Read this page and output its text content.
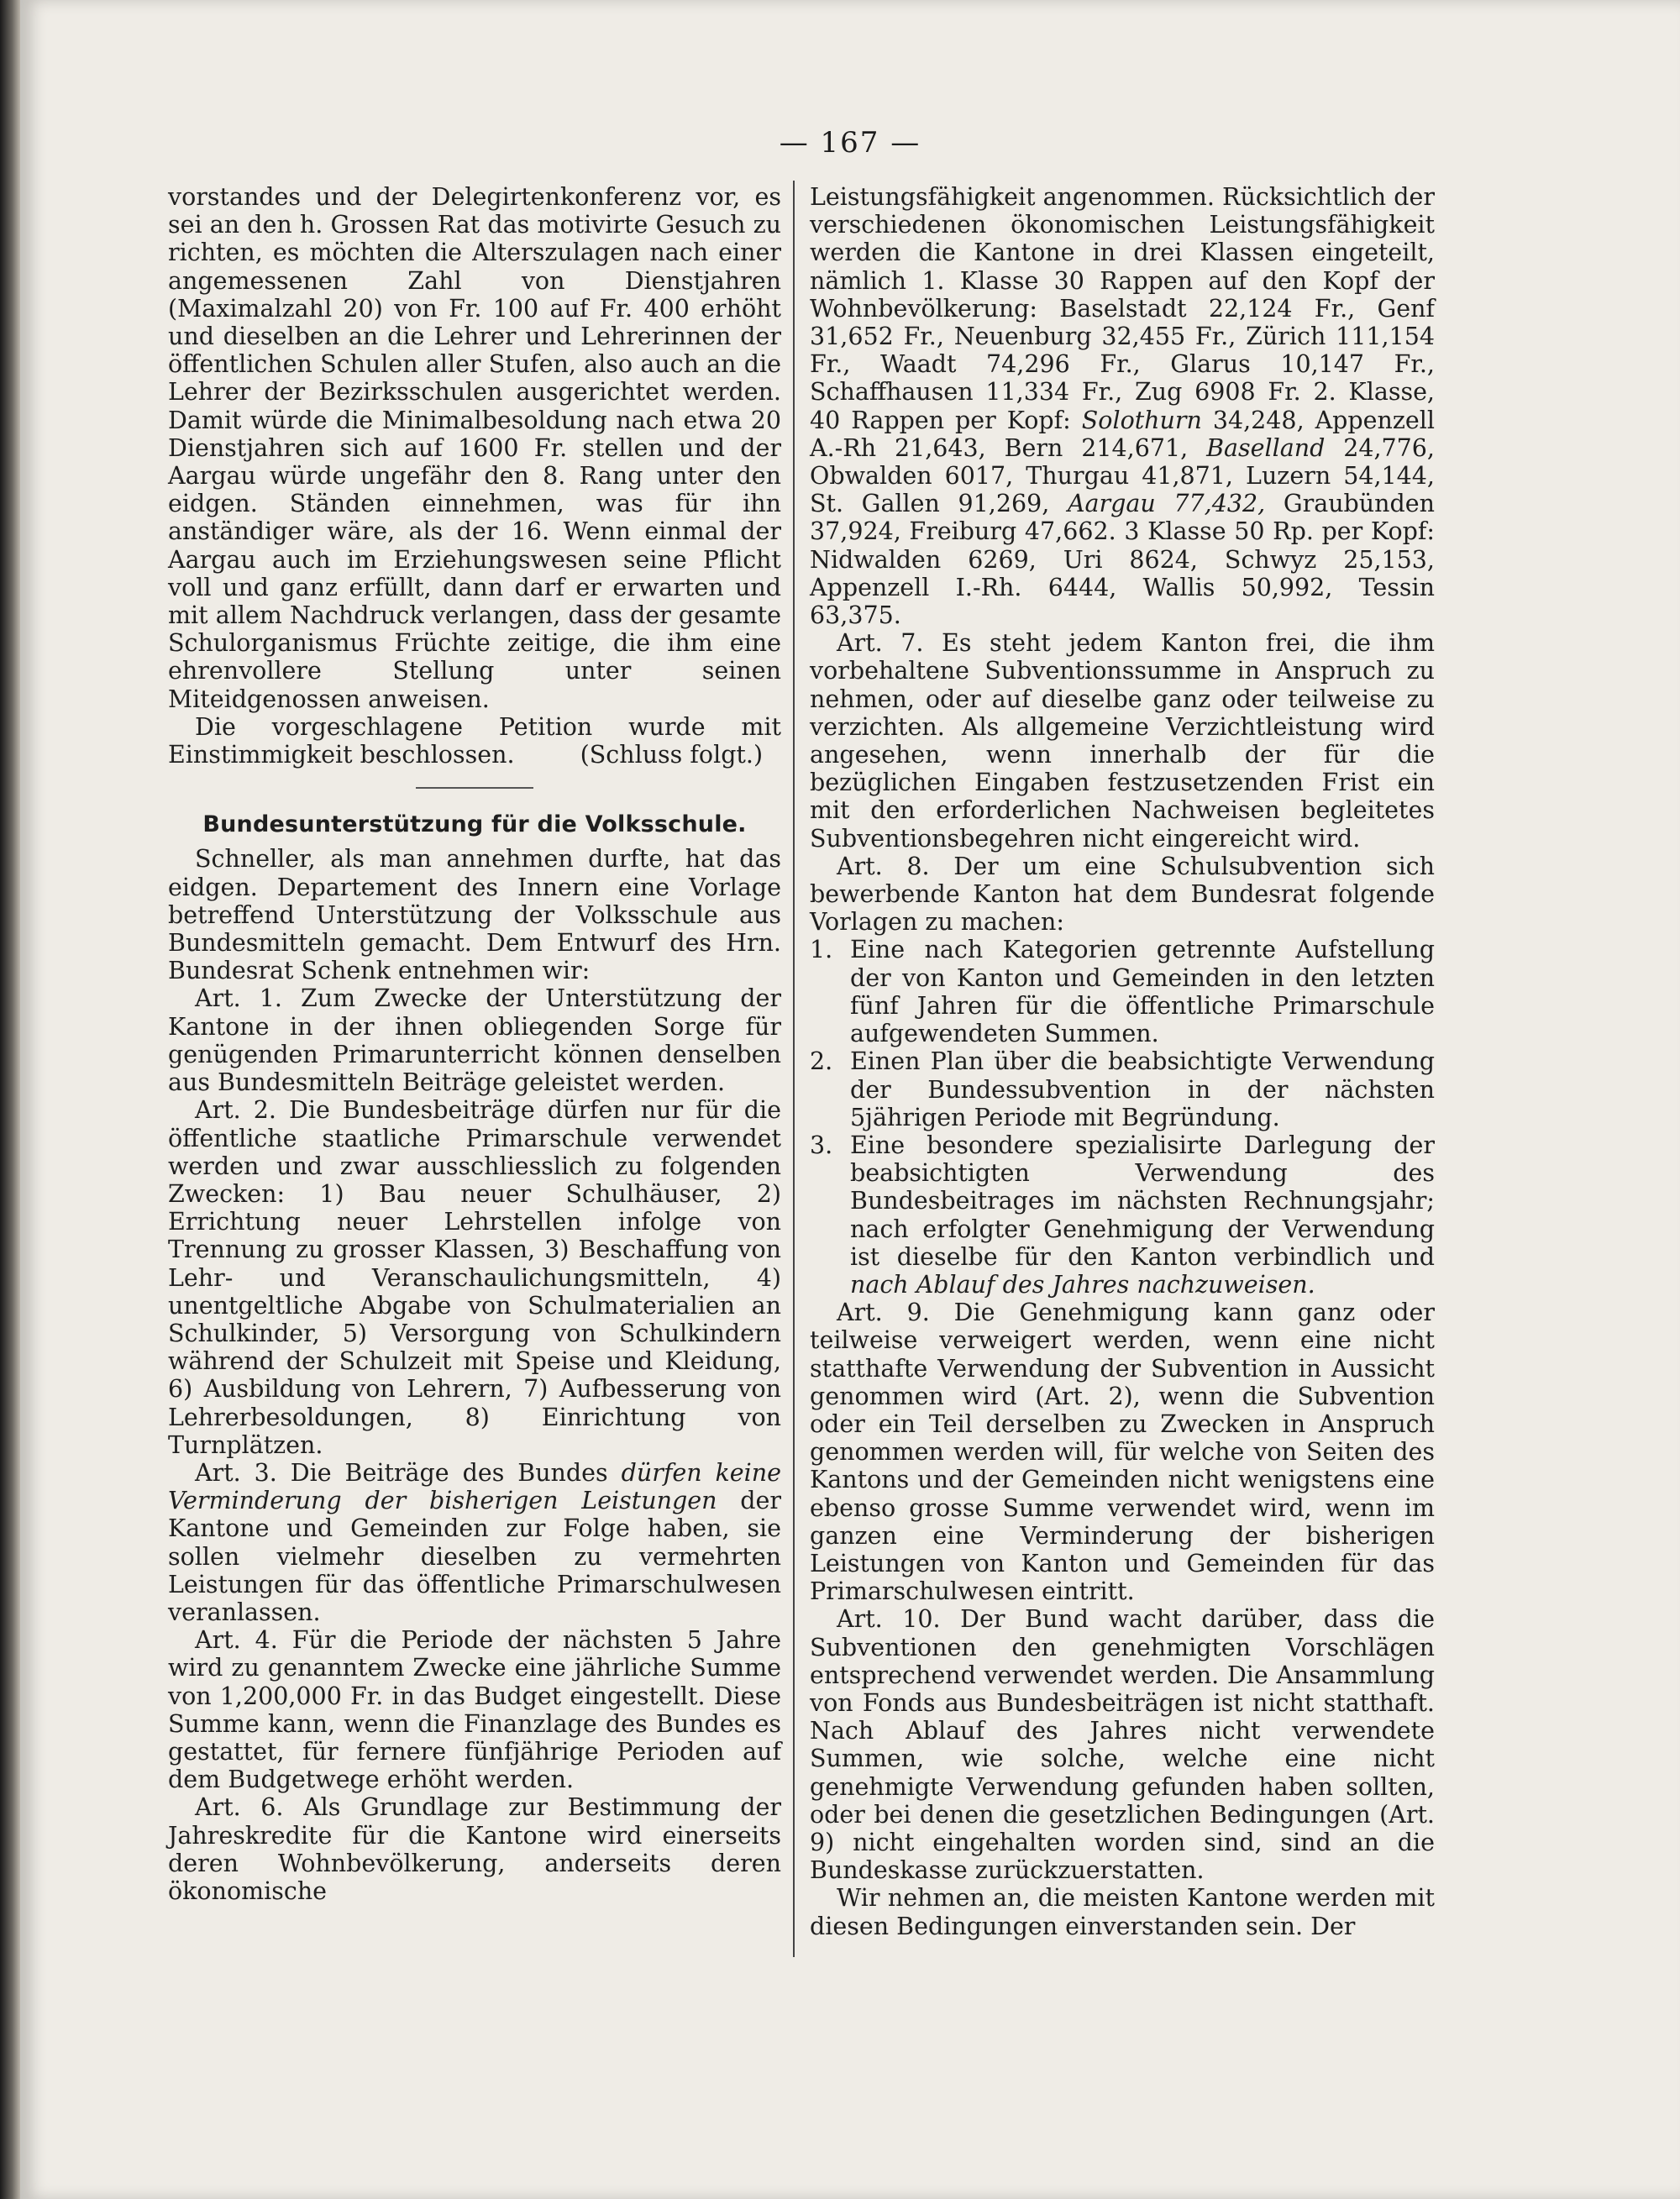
— 167 —

vorstandes und der Delegirtenkonferenz vor, es sei an den h. Grossen Rat das motivirte Gesuch zu richten, es möchten die Alterszulagen nach einer angemessenen Zahl von Dienstjahren (Maximalzahl 20) von Fr. 100 auf Fr. 400 erhöht und dieselben an die Lehrer und Lehrerinnen der öffentlichen Schulen aller Stufen, also auch an die Lehrer der Bezirksschulen ausgerichtet werden. Damit würde die Minimalbesoldung nach etwa 20 Dienstjahren sich auf 1600 Fr. stellen und der Aargau würde ungefähr den 8. Rang unter den eidgen. Ständen einnehmen, was für ihn anständiger wäre, als der 16. Wenn einmal der Aargau auch im Erziehungswesen seine Pflicht voll und ganz erfüllt, dann darf er erwarten und mit allem Nachdruck verlangen, dass der gesamte Schulorganismus Früchte zeitige, die ihm eine ehrenvollere Stellung unter seinen Miteidgenossen anweisen.

Die vorgeschlagene Petition wurde mit Einstimmigkeit beschlossen.	(Schluss folgt.)

Bundesunterstützung für die Volksschule.

Schneller, als man annehmen durfte, hat das eidgen. Departement des Innern eine Vorlage betreffend Unterstützung der Volksschule aus Bundesmitteln gemacht. Dem Entwurf des Hrn. Bundesrat Schenk entnehmen wir:

Art. 1. Zum Zwecke der Unterstützung der Kantone in der ihnen obliegenden Sorge für genügenden Primarunterricht können denselben aus Bundesmitteln Beiträge geleistet werden.

Art. 2. Die Bundesbeiträge dürfen nur für die öffentliche staatliche Primarschule verwendet werden und zwar ausschliesslich zu folgenden Zwecken: 1) Bau neuer Schulhäuser, 2) Errichtung neuer Lehrstellen infolge von Trennung zu grosser Klassen, 3) Beschaffung von Lehr- und Veranschaulichungsmitteln, 4) unentgeltliche Abgabe von Schulmaterialien an Schulkinder, 5) Versorgung von Schulkindern während der Schulzeit mit Speise und Kleidung, 6) Ausbildung von Lehrern, 7) Aufbesserung von Lehrerbesoldungen, 8) Einrichtung von Turnplätzen.

Art. 3. Die Beiträge des Bundes dürfen keine Verminderung der bisherigen Leistungen der Kantone und Gemeinden zur Folge haben, sie sollen vielmehr dieselben zu vermehrten Leistungen für das öffentliche Primarschulwesen veranlassen.

Art. 4. Für die Periode der nächsten 5 Jahre wird zu genanntem Zwecke eine jährliche Summe von 1,200,000 Fr. in das Budget eingestellt. Diese Summe kann, wenn die Finanzlage des Bundes es gestattet, für fernere fünfjährige Perioden auf dem Budgetwege erhöht werden.

Art. 6. Als Grundlage zur Bestimmung der Jahreskredite für die Kantone wird einerseits deren Wohnbevölkerung, anderseits deren ökonomische

Leistungsfähigkeit angenommen. Rücksichtlich der verschiedenen ökonomischen Leistungsfähigkeit werden die Kantone in drei Klassen eingeteilt, nämlich 1. Klasse 30 Rappen auf den Kopf der Wohnbevölkerung: Baselstadt 22,124 Fr., Genf 31,652 Fr., Neuenburg 32,455 Fr., Zürich 111,154 Fr., Waadt 74,296 Fr., Glarus 10,147 Fr., Schaffhausen 11,334 Fr., Zug 6908 Fr. 2. Klasse, 40 Rappen per Kopf: Solothurn 34,248, Appenzell A.-Rh 21,643, Bern 214,671, Baselland 24,776, Obwalden 6017, Thurgau 41,871, Luzern 54,144, St. Gallen 91,269, Aargau 77,432, Graubünden 37,924, Freiburg 47,662. 3 Klasse 50 Rp. per Kopf: Nidwalden 6269, Uri 8624, Schwyz 25,153, Appenzell I.-Rh. 6444, Wallis 50,992, Tessin 63,375.

Art. 7. Es steht jedem Kanton frei, die ihm vorbehaltene Subventionssumme in Anspruch zu nehmen, oder auf dieselbe ganz oder teilweise zu verzichten. Als allgemeine Verzichtleistung wird angesehen, wenn innerhalb der für die bezüglichen Eingaben festzusetzenden Frist ein mit den erforderlichen Nachweisen begleitetes Subventionsbegehren nicht eingereicht wird.

Art. 8. Der um eine Schulsubvention sich bewerbende Kanton hat dem Bundesrat folgende Vorlagen zu machen:

1. Eine nach Kategorien getrennte Aufstellung der von Kanton und Gemeinden in den letzten fünf Jahren für die öffentliche Primarschule aufgewendeten Summen.
2. Einen Plan über die beabsichtigte Verwendung der Bundessubvention in der nächsten 5jährigen Periode mit Begründung.
3. Eine besondere spezialisirte Darlegung der beabsichtigten Verwendung des Bundesbeitrages im nächsten Rechnungsjahr; nach erfolgter Genehmigung der Verwendung ist dieselbe für den Kanton verbindlich und nach Ablauf des Jahres nachzuweisen.

Art. 9. Die Genehmigung kann ganz oder teilweise verweigert werden, wenn eine nicht statthafte Verwendung der Subvention in Aussicht genommen wird (Art. 2), wenn die Subvention oder ein Teil derselben zu Zwecken in Anspruch genommen werden will, für welche von Seiten des Kantons und der Gemeinden nicht wenigstens eine ebenso grosse Summe verwendet wird, wenn im ganzen eine Verminderung der bisherigen Leistungen von Kanton und Gemeinden für das Primarschulwesen eintritt.

Art. 10. Der Bund wacht darüber, dass die Subventionen den genehmigten Vorschlägen entsprechend verwendet werden. Die Ansammlung von Fonds aus Bundesbeiträgen ist nicht statthaft. Nach Ablauf des Jahres nicht verwendete Summen, wie solche, welche eine nicht genehmigte Verwendung gefunden haben sollten, oder bei denen die gesetzlichen Bedingungen (Art. 9) nicht eingehalten worden sind, sind an die Bundeskasse zurückzuerstatten.

Wir nehmen an, die meisten Kantone werden mit diesen Bedingungen einverstanden sein. Der
